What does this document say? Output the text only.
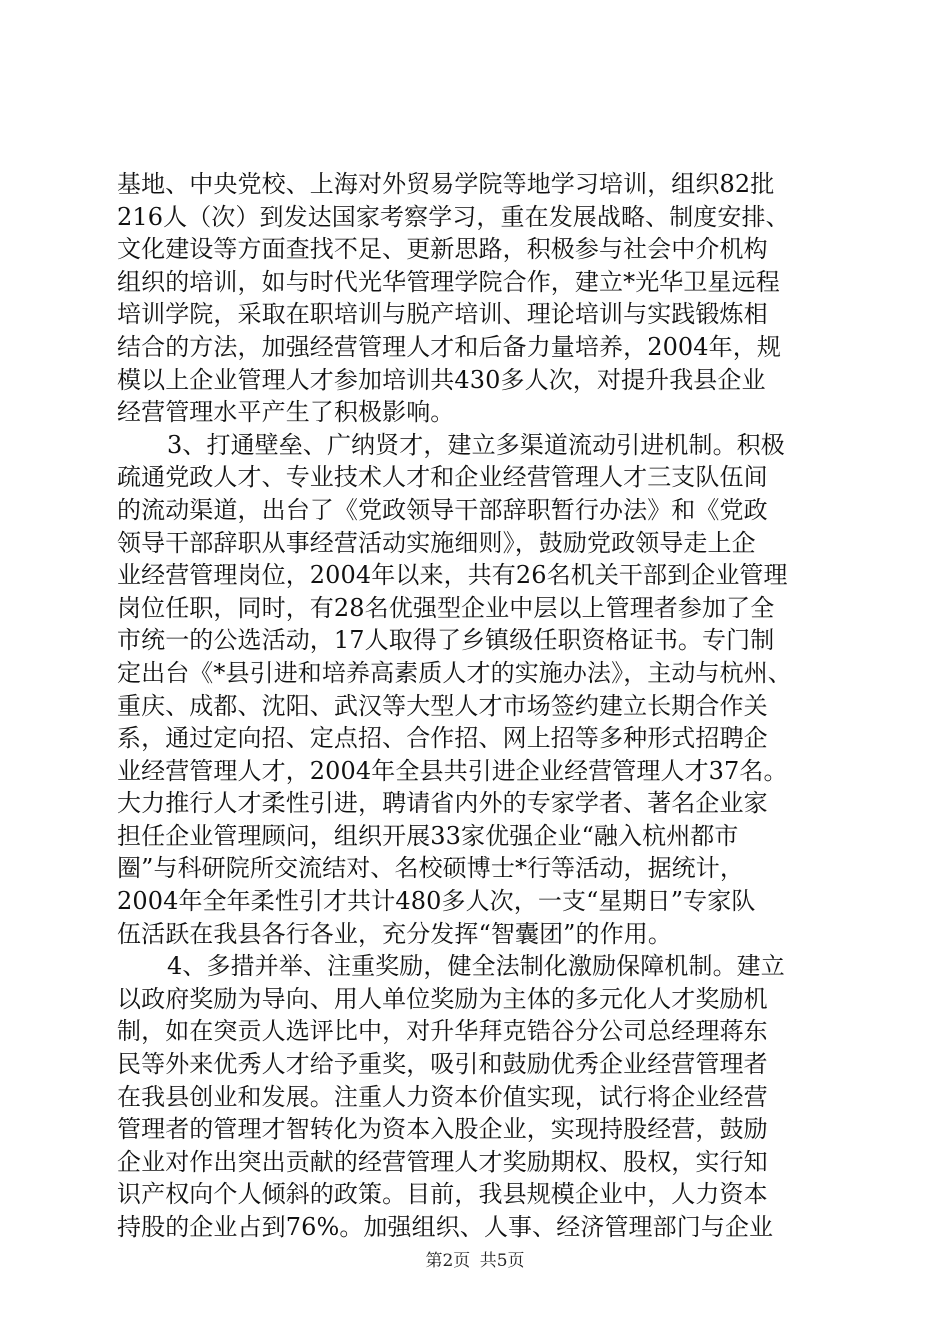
基地、中央党校、上海对外贸易学院等地学习培训，组织82批
216人（次）到发达国家考察学习，重在发展战略、制度安排、
文化建设等方面查找不足、更新思路，积极参与社会中介机构
组织的培训，如与时代光华管理学院合作，建立*光华卫星远程
培训学院，采取在职培训与脱产培训、理论培训与实践锻炼相
结合的方法，加强经营管理人才和后备力量培养，2004年，规
模以上企业管理人才参加培训共430多人次，对提升我县企业
经营管理水平产生了积极影响。
3、打通壁垒、广纳贤才，建立多渠道流动引进机制。积极
疏通党政人才、专业技术人才和企业经营管理人才三支队伍间
的流动渠道，出台了《党政领导干部辞职暂行办法》和《党政
领导干部辞职从事经营活动实施细则》，鼓励党政领导走上企
业经营管理岗位，2004年以来，共有26名机关干部到企业管理
岗位任职，同时，有28名优强型企业中层以上管理者参加了全
市统一的公选活动，17人取得了乡镇级任职资格证书。专门制
定出台《*县引进和培养高素质人才的实施办法》，主动与杭州、
重庆、成都、沈阳、武汉等大型人才市场签约建立长期合作关
系，通过定向招、定点招、合作招、网上招等多种形式招聘企
业经营管理人才，2004年全县共引进企业经营管理人才37名。
大力推行人才柔性引进，聘请省内外的专家学者、著名企业家
担任企业管理顾问，组织开展33家优强企业“融入杭州都市
圈”与科研院所交流结对、名校硕博士*行等活动，据统计，
2004年全年柔性引才共计480多人次，一支“星期日”专家队
伍活跃在我县各行各业，充分发挥“智囊团”的作用。
4、多措并举、注重奖励，健全法制化激励保障机制。建立
以政府奖励为导向、用人单位奖励为主体的多元化人才奖励机
制，如在突贡人选评比中，对升华拜克锆谷分公司总经理蒋东
民等外来优秀人才给予重奖，吸引和鼓励优秀企业经营管理者
在我县创业和发展。注重人力资本价值实现，试行将企业经营
管理者的管理才智转化为资本入股企业，实现持股经营，鼓励
企业对作出突出贡献的经营管理人才奖励期权、股权，实行知
识产权向个人倾斜的政策。目前，我县规模企业中，人力资本
持股的企业占到76%。加强组织、人事、经济管理部门与企业
第2页 共5页
